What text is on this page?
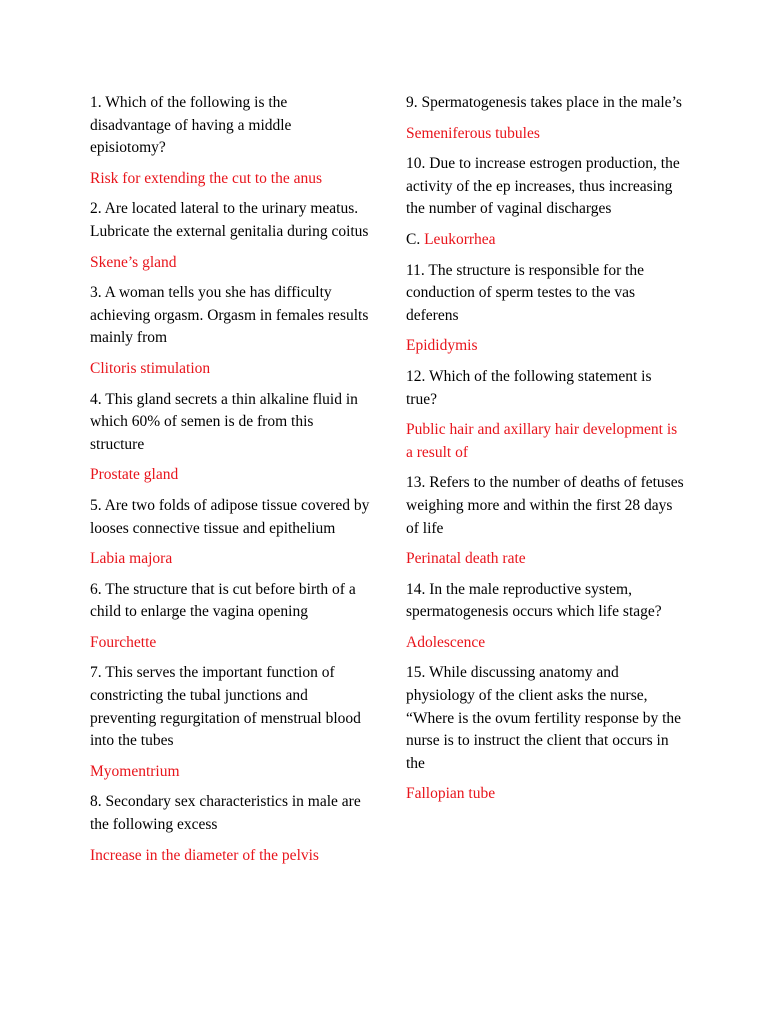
1. Which of the following is the disadvantage of having a middle episiotomy?

Risk for extending the cut to the anus

2. Are located lateral to the urinary meatus. Lubricate the external genitalia during coitus

Skene’s gland

3. A woman tells you she has difficulty achieving orgasm. Orgasm in females results mainly from

Clitoris stimulation

4. This gland secrets a thin alkaline fluid in which 60% of semen is de from this structure

Prostate gland

5. Are two folds of adipose tissue covered by looses connective tissue and epithelium

Labia majora

6. The structure that is cut before birth of a child to enlarge the vagina opening

Fourchette

7. This serves the important function of constricting the tubal junctions and preventing regurgitation of menstrual blood into the tubes

Myomentrium

8. Secondary sex characteristics in male are the following excess

Increase in the diameter of the pelvis

9. Spermatogenesis takes place in the male’s

Semeniferous tubules

10. Due to increase estrogen production, the activity of the ep increases, thus increasing the number of vaginal discharges

C. Leukorrhea

11. The structure is responsible for the conduction of sperm testes to the vas deferens

Epididymis

12. Which of the following statement is true?

Public hair and axillary hair development is a result of

13. Refers to the number of deaths of fetuses weighing more and within the first 28 days of life

Perinatal death rate

14. In the male reproductive system, spermatogenesis occurs which life stage?

Adolescence

15. While discussing anatomy and physiology of the client asks the nurse, “Where is the ovum fertility response by the nurse is to instruct the client that occurs in the

Fallopian tube
